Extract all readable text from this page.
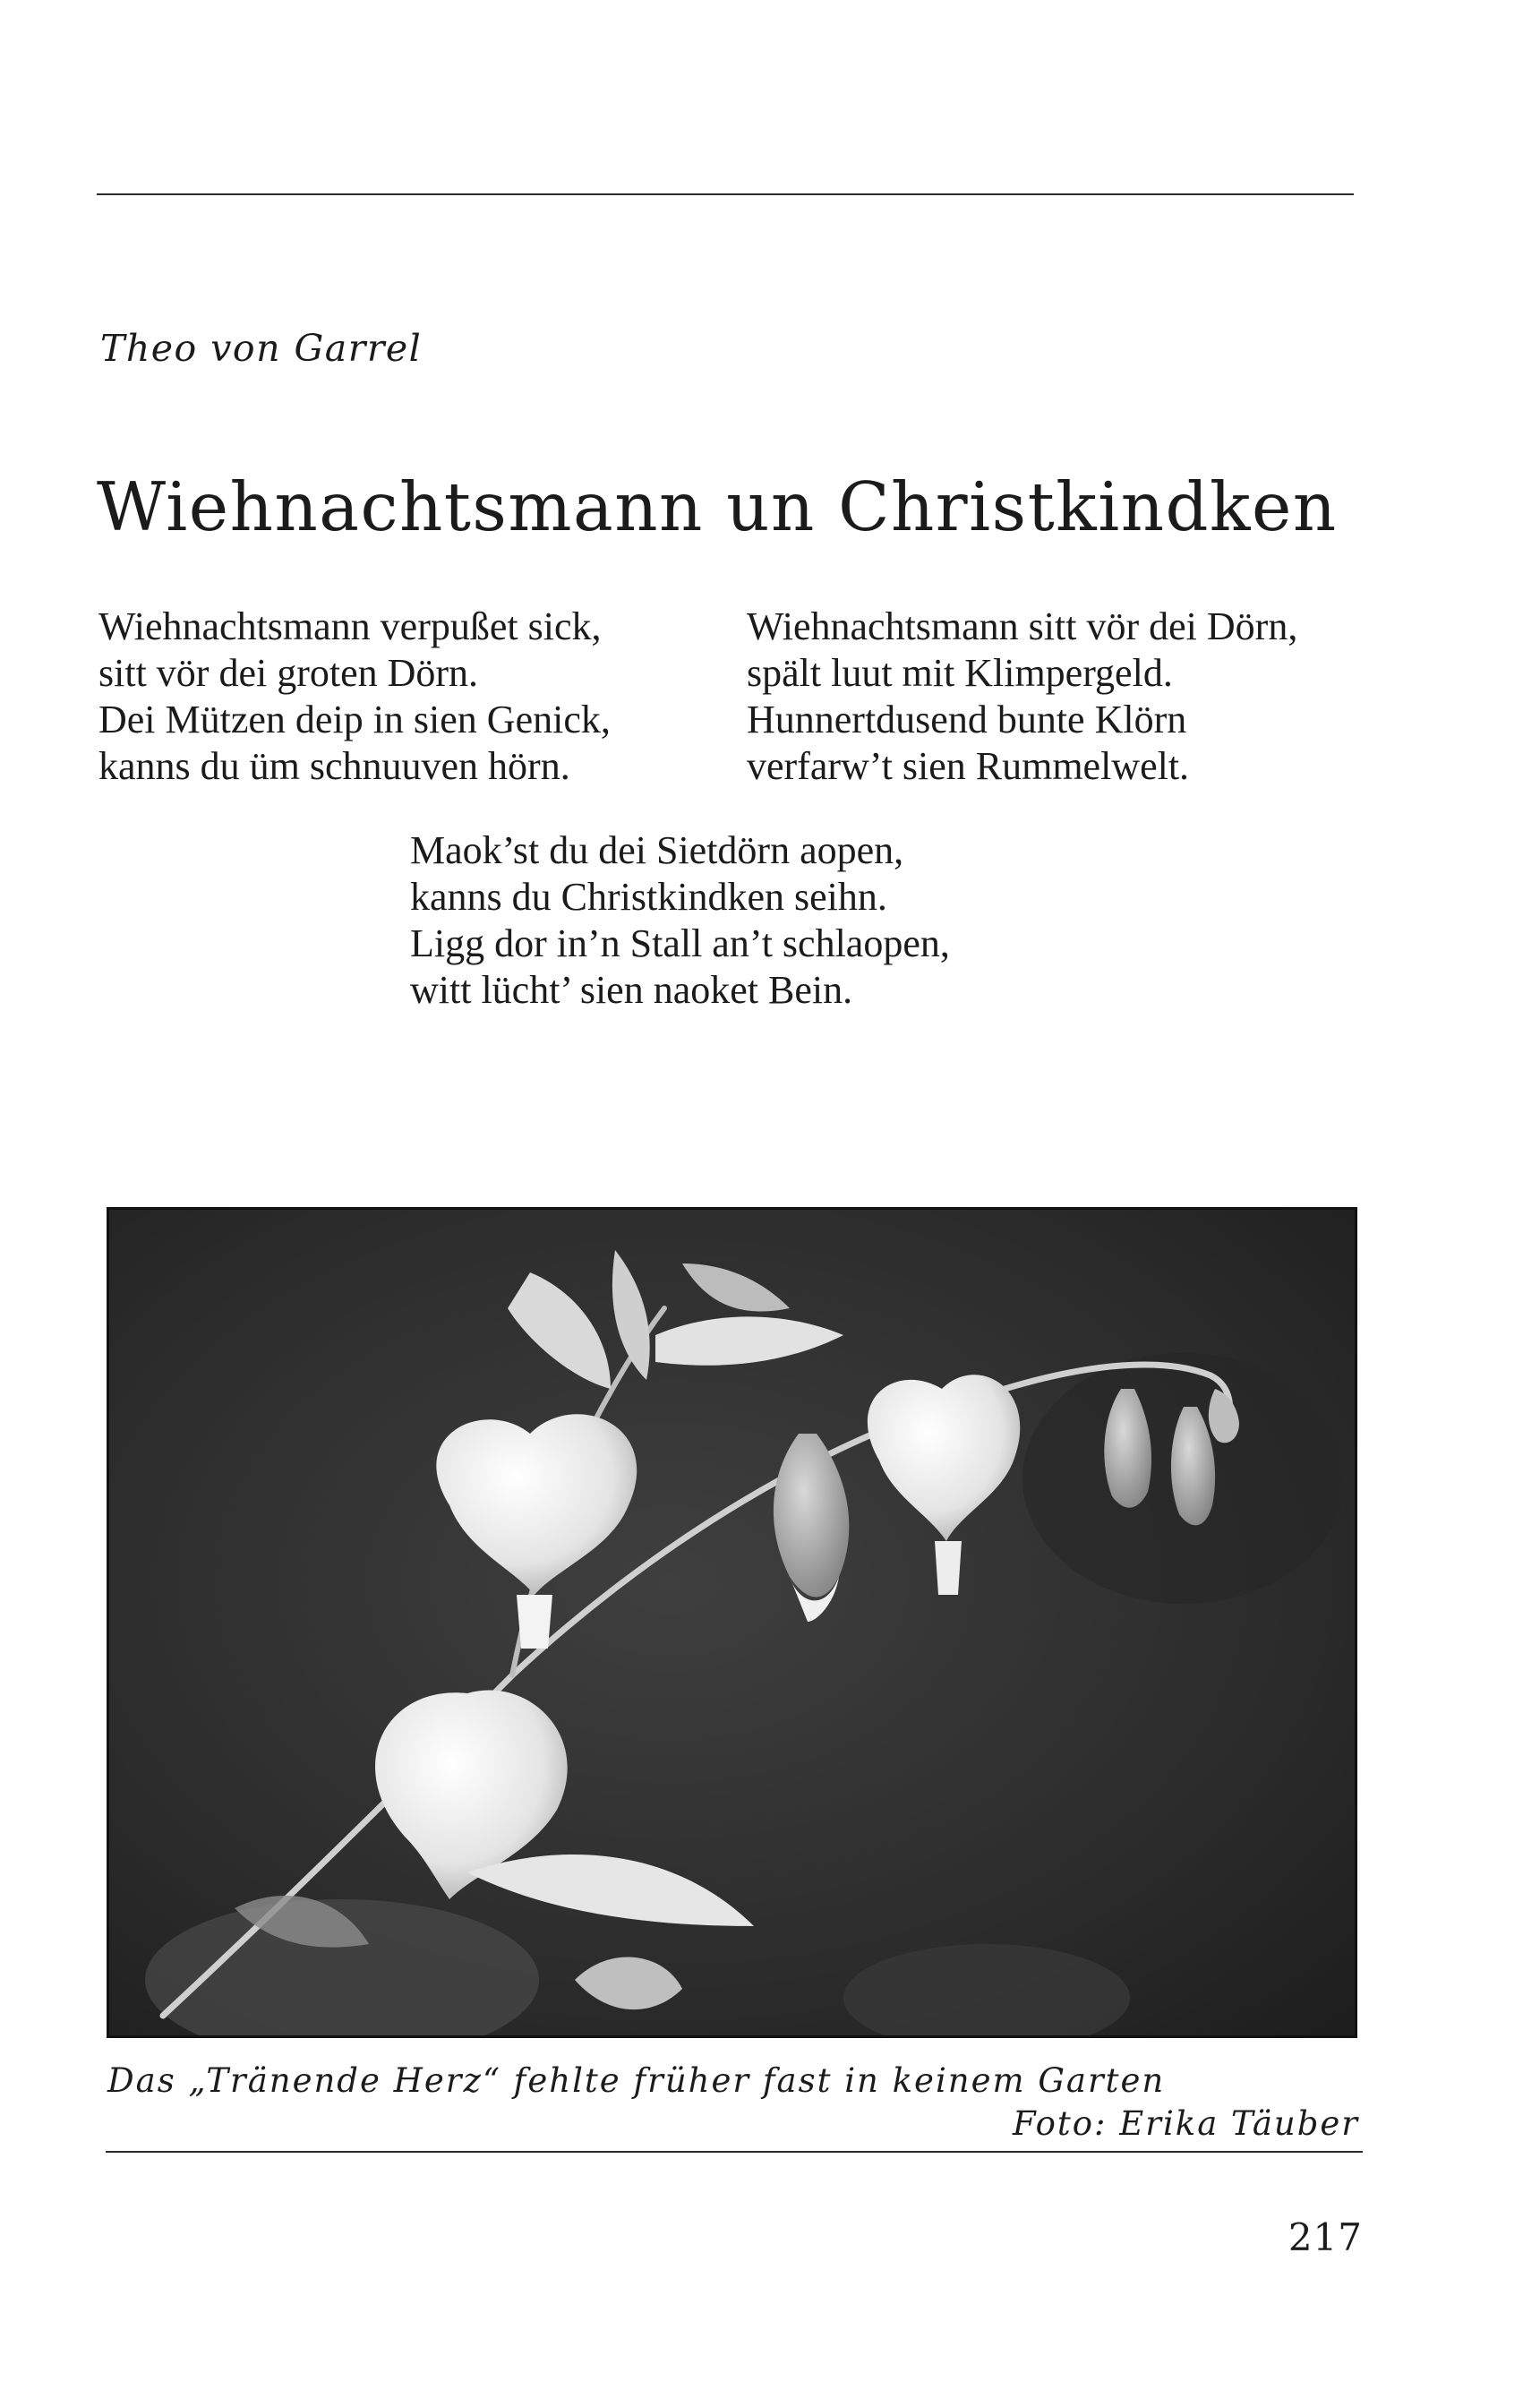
Theo von Garrel
Wiehnachtsmann un Christkindken
Wiehnachtsmann verpußet sick,
sitt vör dei groten Dörn.
Dei Mützen deip in sien Genick,
kanns du üm schnuuven hörn.
Wiehnachtsmann sitt vör dei Dörn,
spält luut mit Klimpergeld.
Hunnertdusend bunte Klörn
verfarw’t sien Rummelwelt.
Maok’st du dei Sietdörn aopen,
kanns du Christkindken seihn.
Ligg dor in’n Stall an’t schlaopen,
witt lücht’ sien naoket Bein.
Das „Tränende Herz“ fehlte früher fast in keinem Garten
Foto: Erika Täuber
217
